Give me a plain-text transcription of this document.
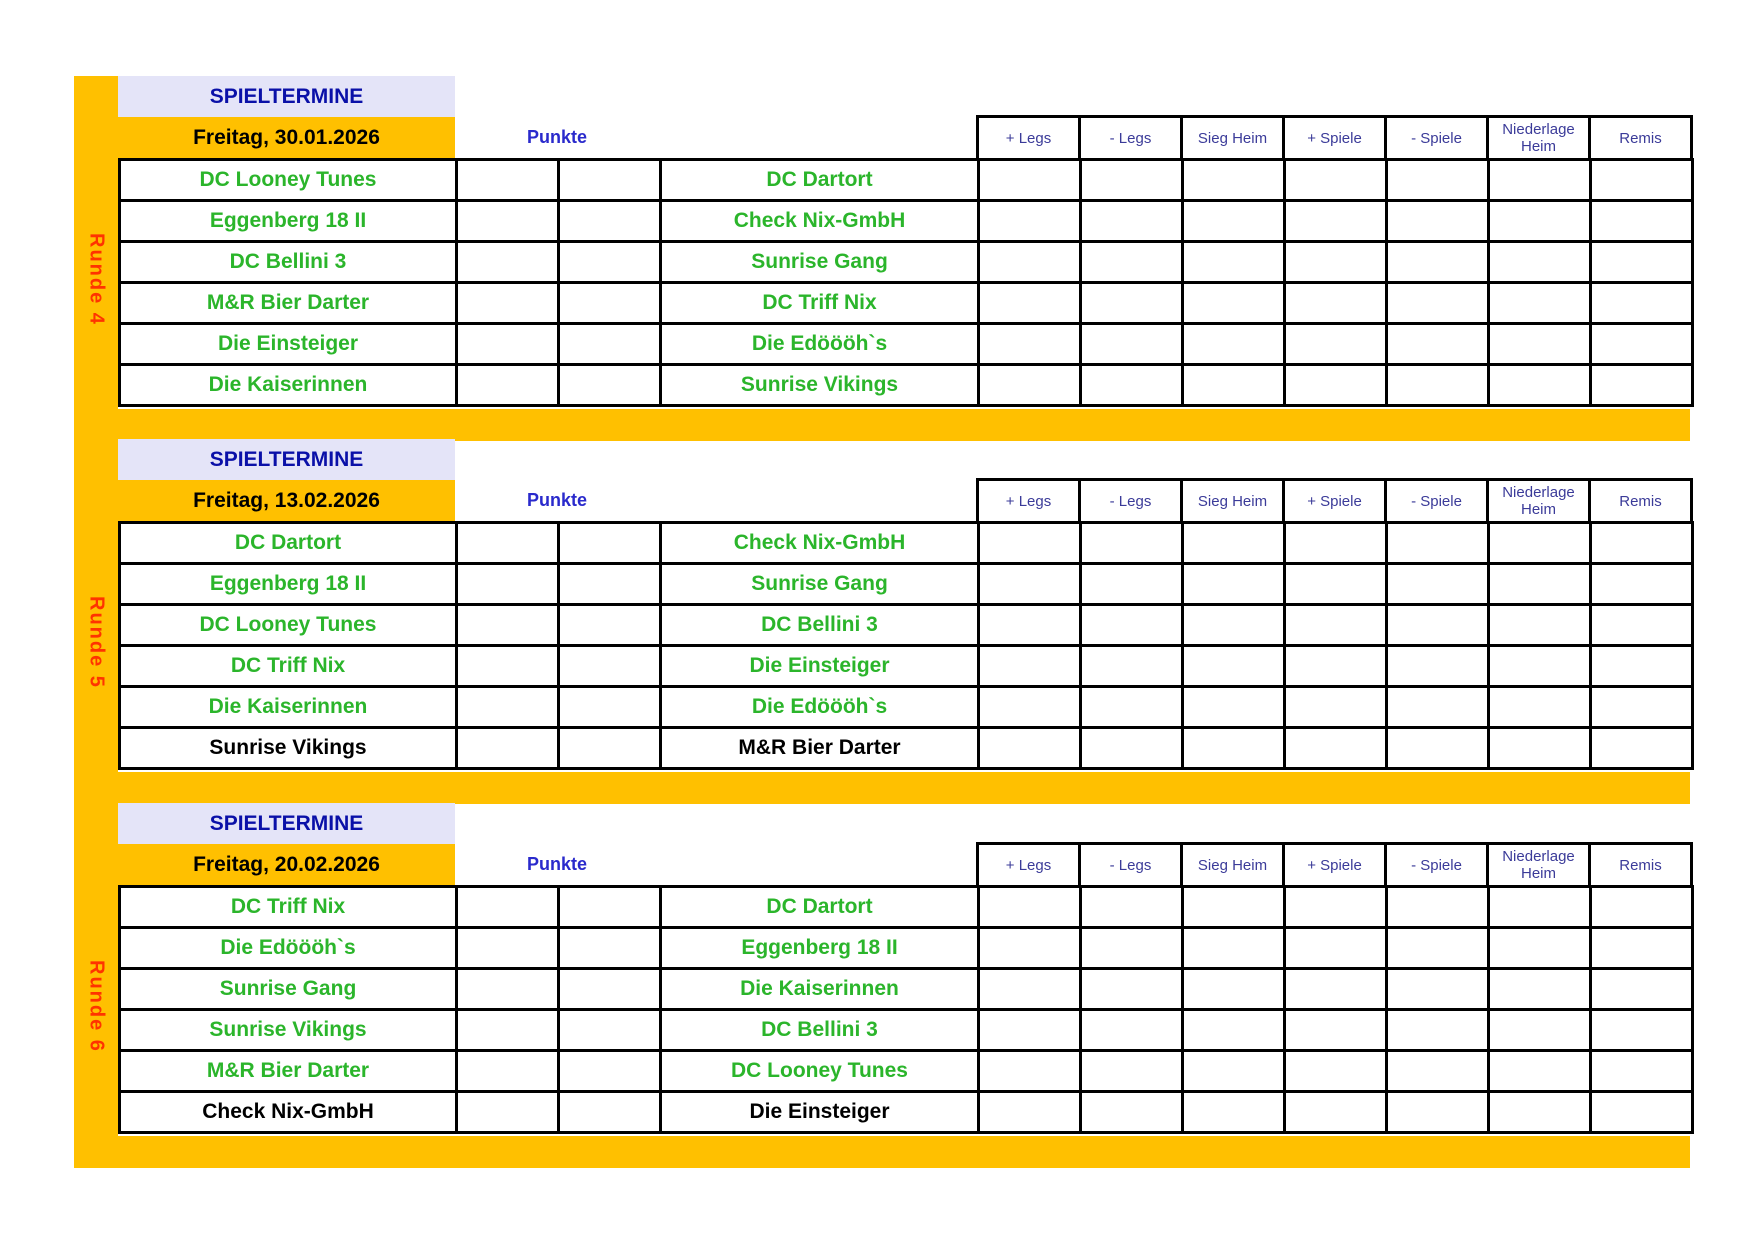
Runde 4
SPIELTERMINE
Freitag, 30.01.2026	Punkte	+ Legs	- Legs	Sieg Heim	+ Spiele	- Spiele	Niederlage Heim	Remis
DC Looney Tunes	DC Dartort
Eggenberg 18 II	Check Nix-GmbH
DC Bellini 3	Sunrise Gang
M&R Bier Darter	DC Triff Nix
Die Einsteiger	Die Edöööh`s
Die Kaiserinnen	Sunrise Vikings
Runde 5
SPIELTERMINE
Freitag, 13.02.2026	Punkte	+ Legs	- Legs	Sieg Heim	+ Spiele	- Spiele	Niederlage Heim	Remis
DC Dartort	Check Nix-GmbH
Eggenberg 18 II	Sunrise Gang
DC Looney Tunes	DC Bellini 3
DC Triff Nix	Die Einsteiger
Die Kaiserinnen	Die Edöööh`s
Sunrise Vikings	M&R Bier Darter
Runde 6
SPIELTERMINE
Freitag, 20.02.2026	Punkte	+ Legs	- Legs	Sieg Heim	+ Spiele	- Spiele	Niederlage Heim	Remis
DC Triff Nix	DC Dartort
Die Edöööh`s	Eggenberg 18 II
Sunrise Gang	Die Kaiserinnen
Sunrise Vikings	DC Bellini 3
M&R Bier Darter	DC Looney Tunes
Check Nix-GmbH	Die Einsteiger
